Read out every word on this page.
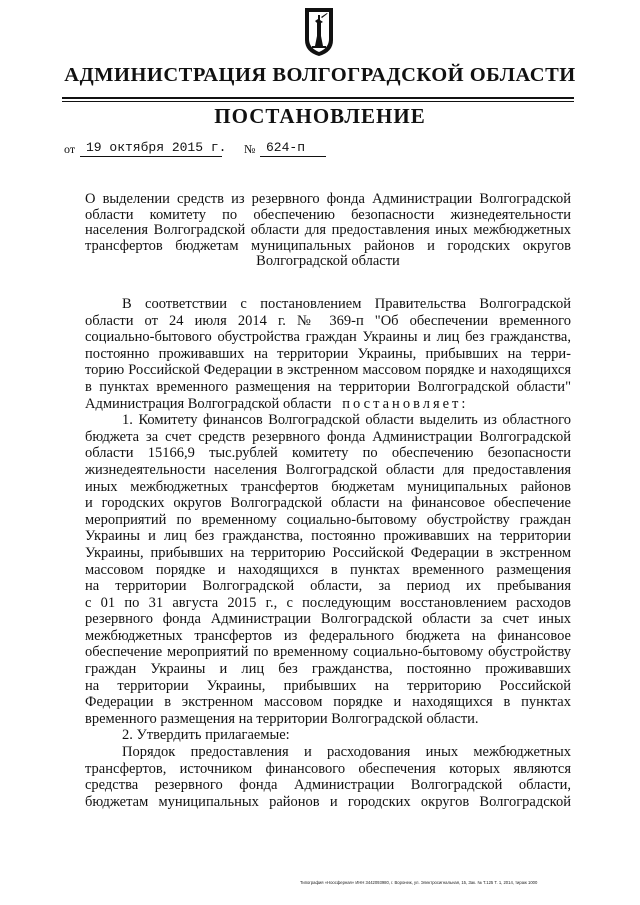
АДМИНИСТРАЦИЯ ВОЛГОГРАДСКОЙ ОБЛАСТИ
ПОСТАНОВЛЕНИЕ
от 19 октября 2015 г. № 624-п
О выделении средств из резервного фонда Администрации Волгоградской
области комитету по обеспечению безопасности жизнедеятельности
населения Волгоградской области для предоставления иных межбюджетных
трансфертов бюджетам муниципальных районов и городских округов
Волгоградской области
В соответствии с постановлением Правительства Волгоградской
области от 24 июля 2014 г. № 369-п "Об обеспечении временного
социально-бытового обустройства граждан Украины и лиц без гражданства,
постоянно проживавших на территории Украины, прибывших на терри-
торию Российской Федерации в экстренном массовом порядке и находящихся
в пунктах временного размещения на территории Волгоградской области"
Администрация Волгоградской области постановляет:
1. Комитету финансов Волгоградской области выделить из областного
бюджета за счет средств резервного фонда Администрации Волгоградской
области 15166,9 тыс.рублей комитету по обеспечению безопасности
жизнедеятельности населения Волгоградской области для предоставления
иных межбюджетных трансфертов бюджетам муниципальных районов
и городских округов Волгоградской области на финансовое обеспечение
мероприятий по временному социально-бытовому обустройству граждан
Украины и лиц без гражданства, постоянно проживавших на территории
Украины, прибывших на территорию Российской Федерации в экстренном
массовом порядке и находящихся в пунктах временного размещения
на территории Волгоградской области, за период их пребывания
с 01 по 31 августа 2015 г., с последующим восстановлением расходов
резервного фонда Администрации Волгоградской области за счет иных
межбюджетных трансфертов из федерального бюджета на финансовое
обеспечение мероприятий по временному социально-бытовому обустройству
граждан Украины и лиц без гражданства, постоянно проживавших
на территории Украины, прибывших на территорию Российской
Федерации в экстренном массовом порядке и находящихся в пунктах
временного размещения на территории Волгоградской области.
2. Утвердить прилагаемые:
Порядок предоставления и расходования иных межбюджетных
трансфертов, источником финансового обеспечения которых являются
средства резервного фонда Администрации Волгоградской области,
бюджетам муниципальных районов и городских округов Волгоградской
Типография «Ноосферная» ИНН 3442093980, г. Воронеж, ул. Электросигнальная, 15, Зак. № Т.125 Т. 1, 2014, тираж 1000
